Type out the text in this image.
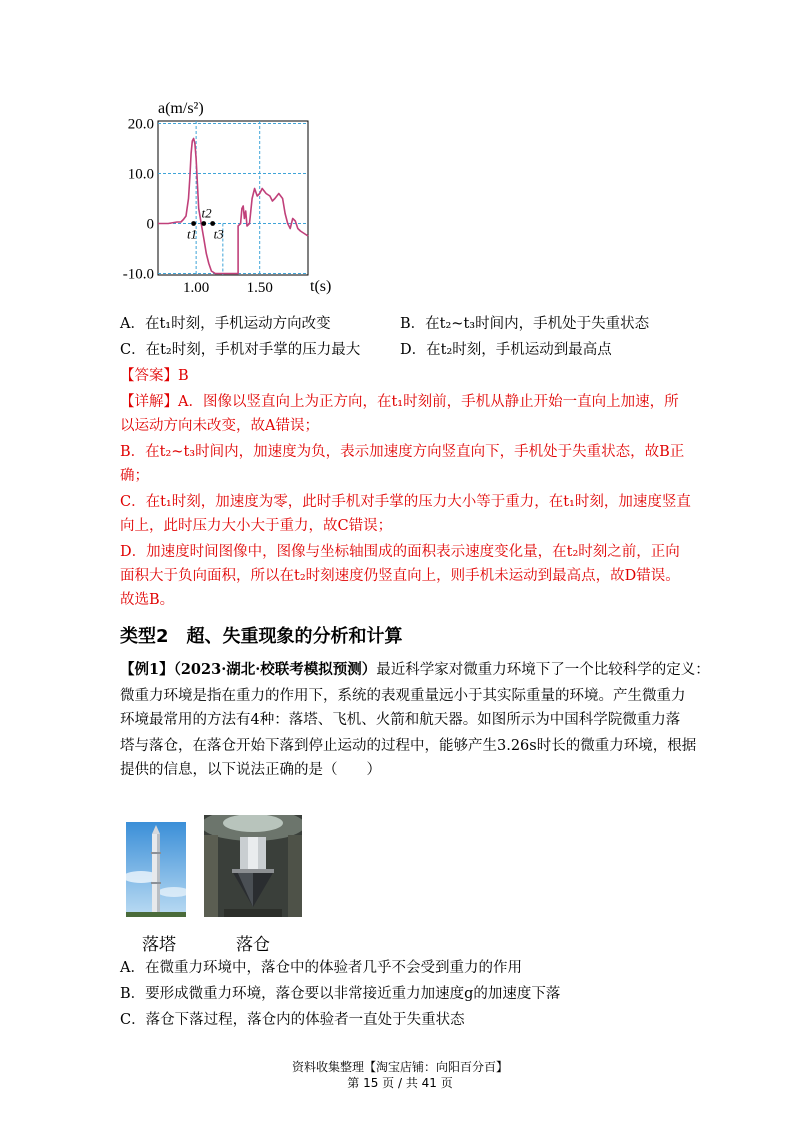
a(m/s²)
t(s)
20.0
10.0
0
-10.0
1.00 1.50
t1
t2
t3
A．在t₁时刻，手机运动方向改变	B．在t₂~t₃时间内，手机处于失重状态
C．在t₂时刻，手机对手掌的压力最大	D．在t₂时刻，手机运动到最高点
【答案】B
【详解】A．图像以竖直向上为正方向，在t₁时刻前，手机从静止开始一直向上加速，所
以运动方向未改变，故A错误；
B．在t₂~t₃时间内，加速度为负，表示加速度方向竖直向下，手机处于失重状态，故B正
确；
C．在t₁时刻，加速度为零，此时手机对手掌的压力大小等于重力，在t₁时刻，加速度竖直
向上，此时压力大小大于重力，故C错误；
D．加速度时间图像中，图像与坐标轴围成的面积表示速度变化量，在t₂时刻之前，正向
面积大于负向面积，所以在t₂时刻速度仍竖直向上，则手机未运动到最高点，故D错误。
故选B。
类型2　超、失重现象的分析和计算
【例1】（2023·湖北·校联考模拟预测）最近科学家对微重力环境下了一个比较科学的定义：
微重力环境是指在重力的作用下，系统的表观重量远小于其实际重量的环境。产生微重力
环境最常用的方法有4种：落塔、飞机、火箭和航天器。如图所示为中国科学院微重力落
塔与落仓，在落仓开始下落到停止运动的过程中，能够产生3.26s时长的微重力环境，根据
提供的信息，以下说法正确的是（　　）
落塔	落仓
A．在微重力环境中，落仓中的体验者几乎不会受到重力的作用
B．要形成微重力环境，落仓要以非常接近重力加速度g的加速度下落
C．落仓下落过程，落仓内的体验者一直处于失重状态
资料收集整理【淘宝店铺：向阳百分百】
第 15 页 / 共 41 页
